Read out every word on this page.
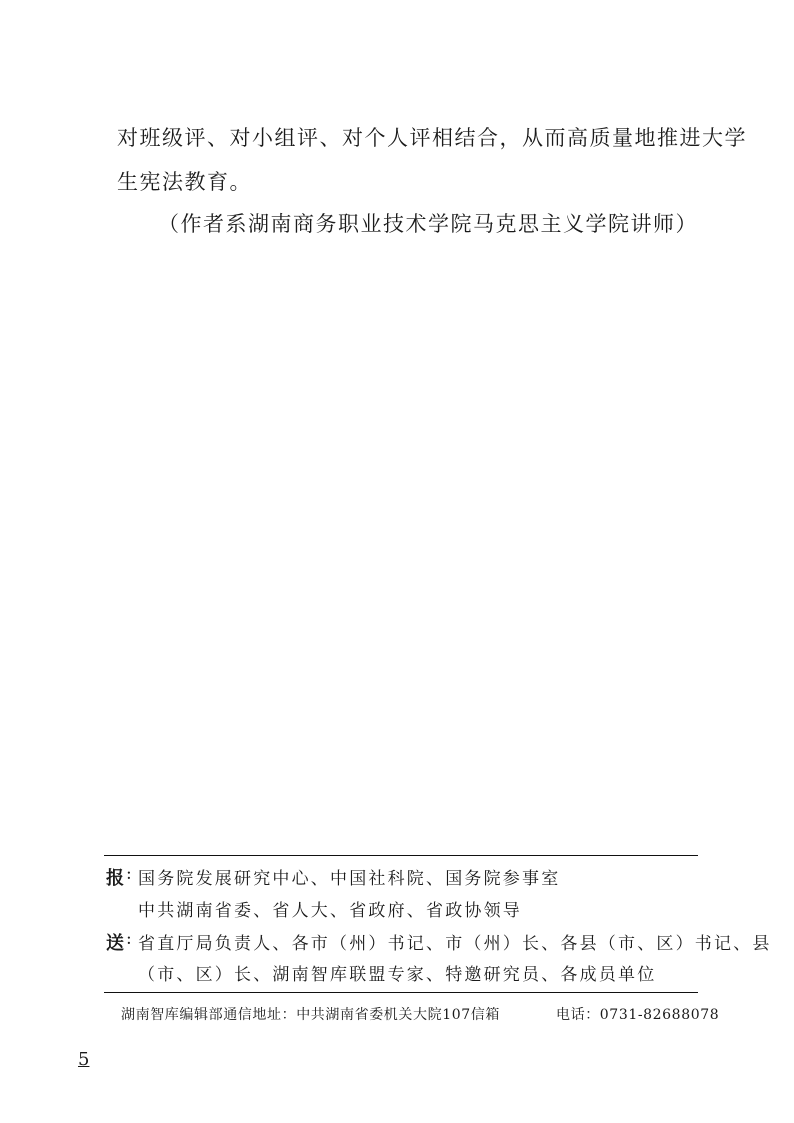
对班级评、对小组评、对个人评相结合，从而高质量地推进大学
生宪法教育。
（作者系湖南商务职业技术学院马克思主义学院讲师）
报 : 国务院发展研究中心、中国社科院、国务院参事室
中共湖南省委、省人大、省政府、省政协领导
送 : 省直厅局负责人、各市（州）书记、市（州）长、各县（市、区）书记、县
（市、区）长、湖南智库联盟专家、特邀研究员、各成员单位
湖南智库编辑部通信地址：中共湖南省委机关大院107信箱	电话：0731-82688078
5
